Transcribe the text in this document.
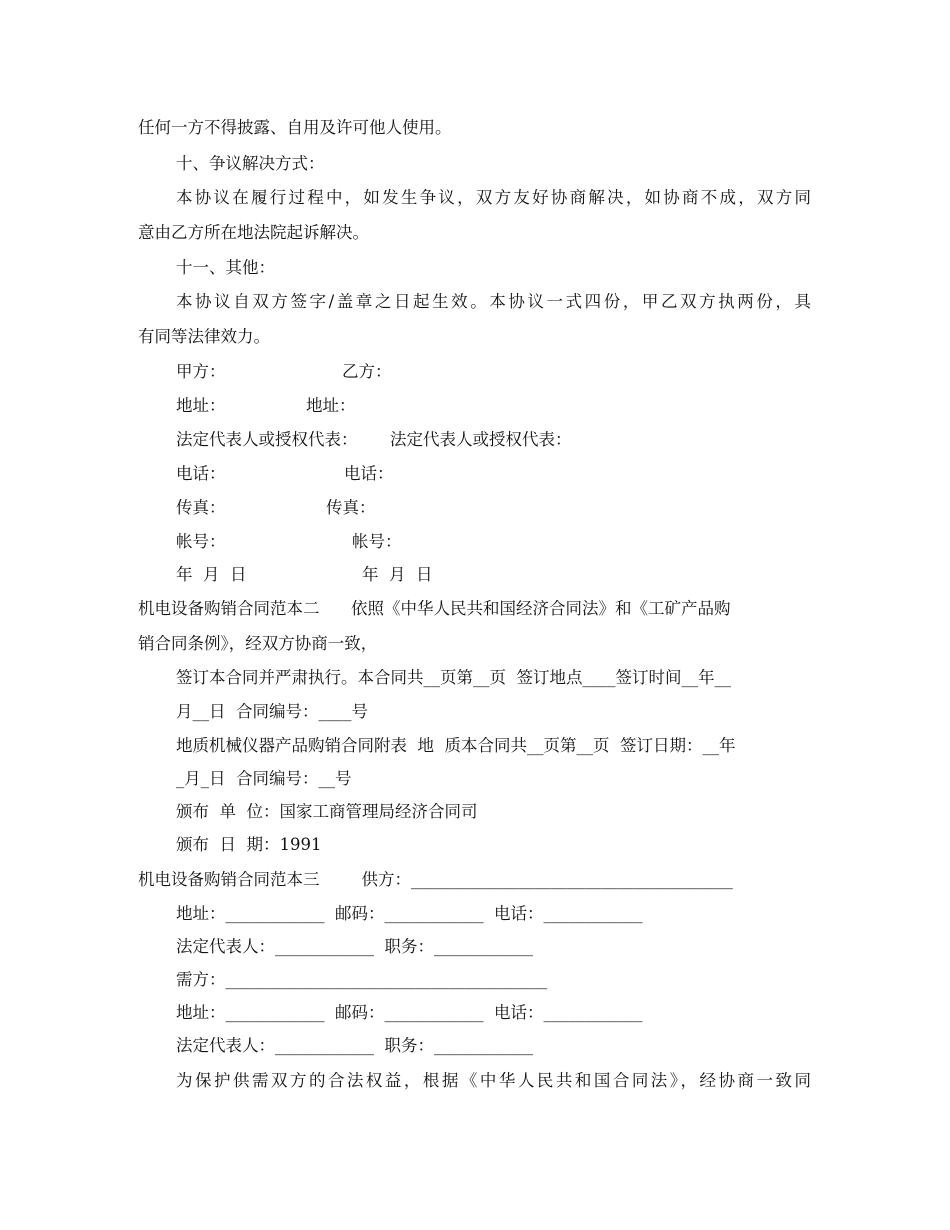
任何一方不得披露、自用及许可他人使用。
十、争议解决方式：
本协议在履行过程中，如发生争议，双方友好协商解决，如协商不成，双方同
意由乙方所在地法院起诉解决。
十一、其他：
本协议自双方签字/盖章之日起生效。本协议一式四份，甲乙双方执两份，具
有同等法律效力。
甲方：	乙方：
地址：	地址：
法定代表人或授权代表： 法定代表人或授权代表：
电话：	电话：
传真：	传真：
帐号：	帐号：
年  月  日	年  月  日
机电设备购销合同范本二      依照《中华人民共和国经济合同法》和《工矿产品购
销合同条例》，经双方协商一致，
签订本合同并严肃执行。本合同共__页第__页  签订地点____签订时间__年__
月__日  合同编号：____号
地质机械仪器产品购销合同附表  地  质本合同共__页第__页  签订日期：__年
_月_日  合同编号：__号
颁布  单  位：国家工商管理局经济合同司
颁布  日  期：1991
机电设备购销合同范本三        供方：_______________________________________
地址：____________  邮码：____________  电话：____________
法定代表人：____________  职务：____________
需方：_______________________________________
地址：____________  邮码：____________  电话：____________
法定代表人：____________  职务：____________
为保护供需双方的合法权益，根据《中华人民共和国合同法》，经协商一致同
